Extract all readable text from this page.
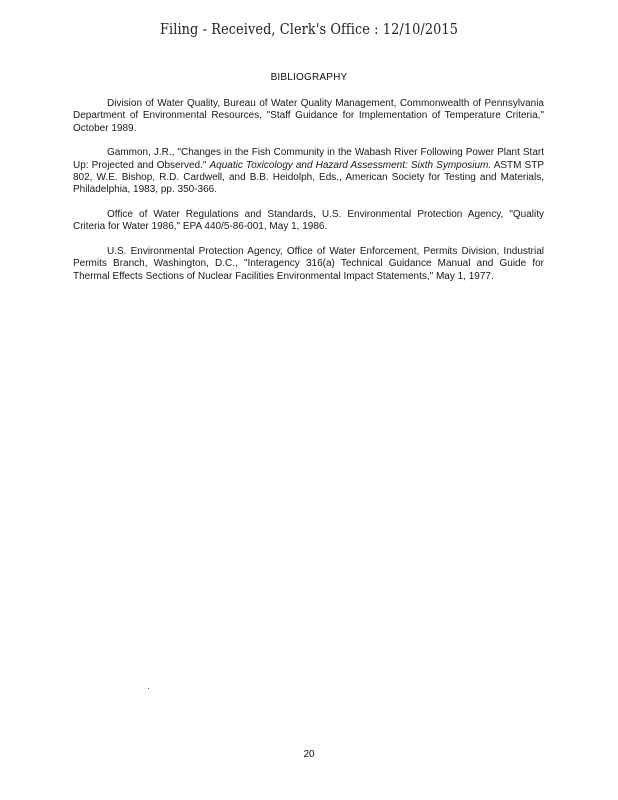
Filing - Received, Clerk's Office : 12/10/2015
BIBLIOGRAPHY

Division of Water Quality, Bureau of Water Quality Management, Commonwealth of Pennsylvania Department of Environmental Resources, "Staff Guidance for Implementation of Temperature Criteria," October 1989.

Gammon, J.R., "Changes in the Fish Community in the Wabash River Following Power Plant Start Up: Projected and Observed." Aquatic Toxicology and Hazard Assessment: Sixth Symposium. ASTM STP 802, W.E. Bishop, R.D. Cardwell, and B.B. Heidolph, Eds., American Society for Testing and Materials, Philadelphia, 1983, pp. 350-366.

Office of Water Regulations and Standards, U.S. Environmental Protection Agency, "Quality Criteria for Water 1986," EPA 440/5-86-001, May 1, 1986.

U.S. Environmental Protection Agency, Office of Water Enforcement, Permits Division, Industrial Permits Branch, Washington, D.C., "Interagency 316(a) Technical Guidance Manual and Guide for Thermal Effects Sections of Nuclear Facilities Environmental Impact Statements," May 1, 1977.

20
